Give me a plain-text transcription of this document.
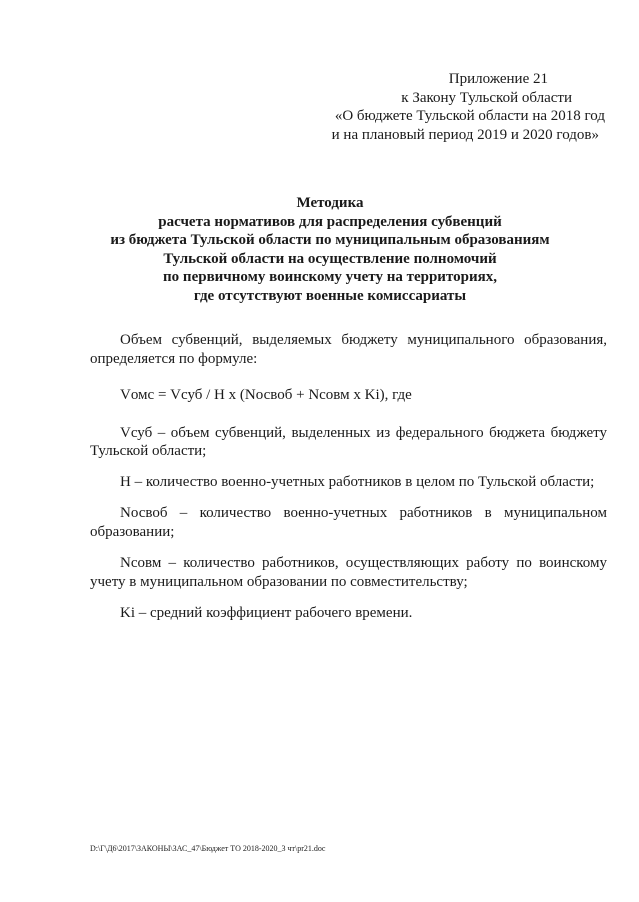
Приложение 21
к Закону Тульской области
«О бюджете Тульской области на 2018 год
и на плановый период 2019 и 2020 годов»
Методика
расчета нормативов для распределения субвенций
из бюджета Тульской области по муниципальным образованиям
Тульской области на осуществление полномочий
по первичному воинскому учету на территориях,
где отсутствуют военные комиссариаты

Объем субвенций, выделяемых бюджету муниципального образования, определяется по формуле:

Vомс = Vсуб / Н х (Nосвоб + Nсовм х Ki), где

Vсуб – объем субвенций, выделенных из федерального бюджета бюджету Тульской области;

Н – количество военно-учетных работников в целом по Тульской области;

Nосвоб – количество военно-учетных работников в муниципальном образовании;

Nсовм – количество работников, осуществляющих работу по воинскому учету в муниципальном образовании по совместительству;

Ki – средний коэффициент рабочего времени.

D:\Г\Д6\2017\ЗАКОНЫ\ЗАС_47\Бюджет ТО 2018-2020_3 чт\pr21.doc
